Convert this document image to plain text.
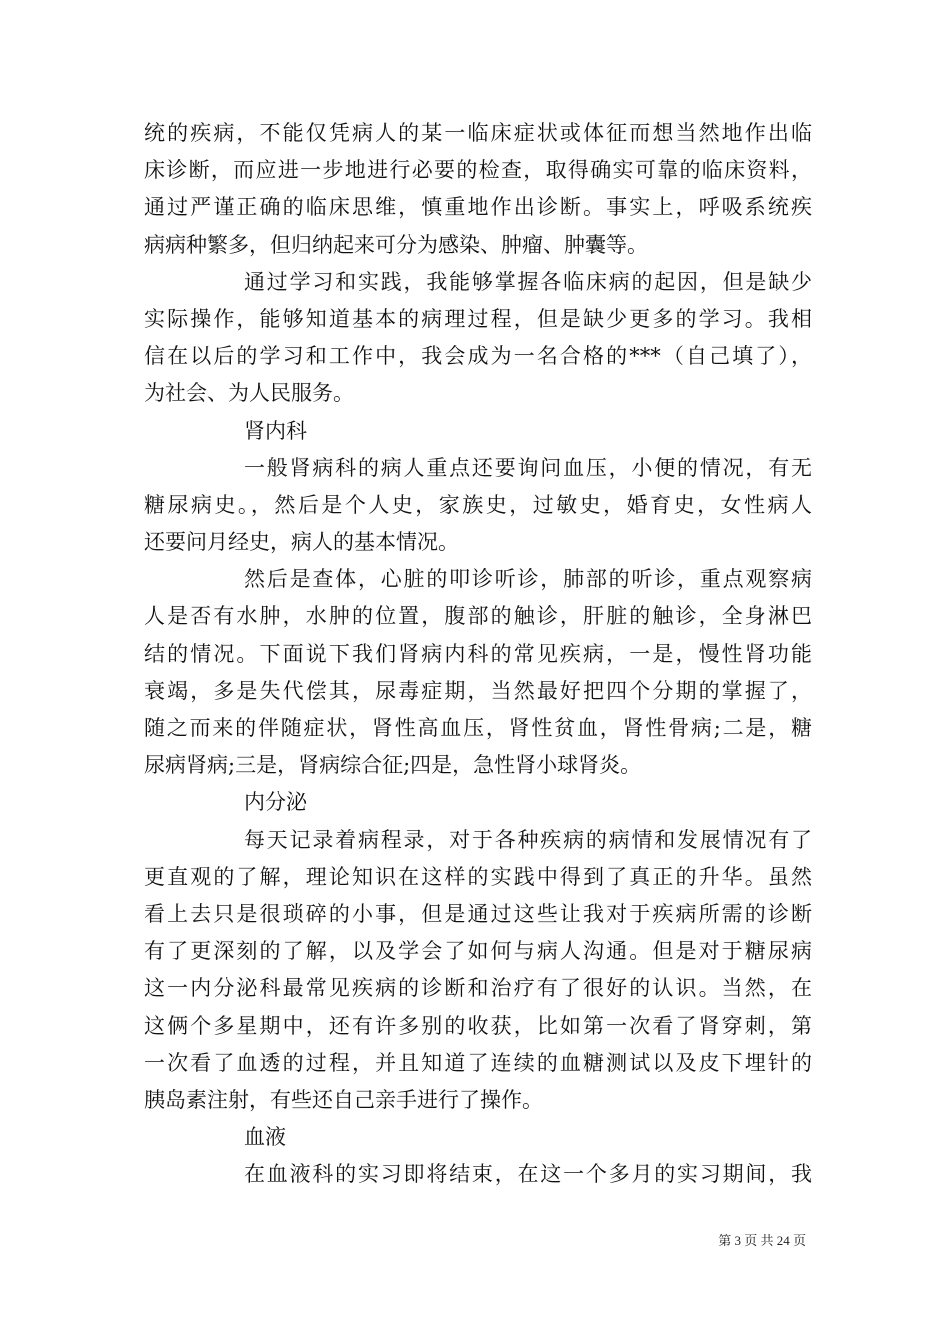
统的疾病，不能仅凭病人的某一临床症状或体征而想当然地作出临
床诊断，而应进一步地进行必要的检查，取得确实可靠的临床资料，
通过严谨正确的临床思维，慎重地作出诊断。事实上，呼吸系统疾
病病种繁多，但归纳起来可分为感染、肿瘤、肿囊等。
通过学习和实践，我能够掌握各临床病的起因，但是缺少
实际操作，能够知道基本的病理过程，但是缺少更多的学习。我相
信在以后的学习和工作中，我会成为一名合格的***（自己填了），
为社会、为人民服务。
肾内科
一般肾病科的病人重点还要询问血压，小便的情况，有无
糖尿病史。，然后是个人史，家族史，过敏史，婚育史，女性病人
还要问月经史，病人的基本情况。
然后是查体，心脏的叩诊听诊，肺部的听诊，重点观察病
人是否有水肿，水肿的位置，腹部的触诊，肝脏的触诊，全身淋巴
结的情况。下面说下我们肾病内科的常见疾病，一是，慢性肾功能
衰竭，多是失代偿其，尿毒症期，当然最好把四个分期的掌握了，
随之而来的伴随症状，肾性高血压，肾性贫血，肾性骨病;二是，糖
尿病肾病;三是，肾病综合征;四是，急性肾小球肾炎。
内分泌
每天记录着病程录，对于各种疾病的病情和发展情况有了
更直观的了解，理论知识在这样的实践中得到了真正的升华。虽然
看上去只是很琐碎的小事，但是通过这些让我对于疾病所需的诊断
有了更深刻的了解，以及学会了如何与病人沟通。但是对于糖尿病
这一内分泌科最常见疾病的诊断和治疗有了很好的认识。当然，在
这俩个多星期中，还有许多别的收获，比如第一次看了肾穿刺，第
一次看了血透的过程，并且知道了连续的血糖测试以及皮下埋针的
胰岛素注射，有些还自己亲手进行了操作。
血液
在血液科的实习即将结束，在这一个多月的实习期间，我
第 3 页 共 24 页
